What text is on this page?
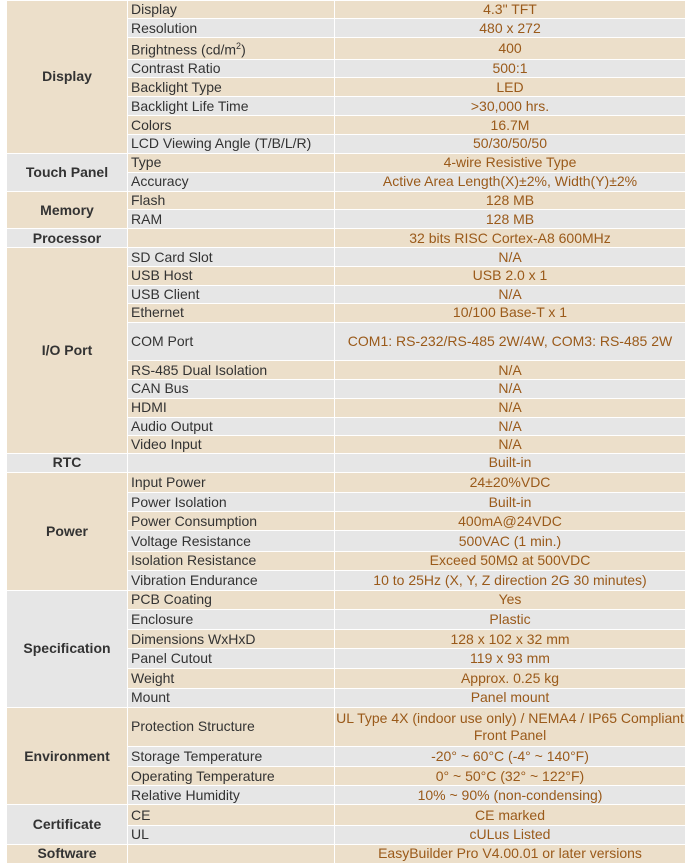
Display	Display	4.3" TFT
	Resolution	480 x 272
	Brightness $(cd/m^2)$	400
	Contrast Ratio	500:1
	Backlight Type	LED
	Backlight Life Time	>30,000 hrs.
	Colors	16.7M
	LCD Viewing Angle (T/B/L/R)	50/30/50/50
Touch Panel	Type	4-wire Resistive Type
	Accuracy	Active Area Length(X)±2%, Width(Y)±2%
Memory	Flash	128 MB
	RAM	128 MB
Processor		32 bits RISC Cortex-A8 600MHz
I/O Port	SD Card Slot	N/A
	USB Host	USB 2.0 x 1
	USB Client	N/A
	Ethernet	10/100 Base-T x 1
	COM Port	COM1: RS-232/RS-485 2W/4W, COM3: RS-485 2W
	RS-485 Dual Isolation	N/A
	CAN Bus	N/A
	HDMI	N/A
	Audio Output	N/A
	Video Input	N/A
RTC		Built-in
Power	Input Power	24±20%VDC
	Power Isolation	Built-in
	Power Consumption	400mA@24VDC
	Voltage Resistance	500VAC (1 min.)
	Isolation Resistance	Exceed 50MΩ at 500VDC
	Vibration Endurance	10 to 25Hz (X, Y, Z direction 2G 30 minutes)
Specification	PCB Coating	Yes
	Enclosure	Plastic
	Dimensions WxHxD	128 x 102 x 32 mm
	Panel Cutout	119 x 93 mm
	Weight	Approx. 0.25 kg
	Mount	Panel mount
Environment	Protection Structure	UL Type 4X (indoor use only) / NEMA4 / IP65 Compliant Front Panel
	Storage Temperature	-20° ~ 60°C (-4° ~ 140°F)
	Operating Temperature	0° ~ 50°C (32° ~ 122°F)
	Relative Humidity	10% ~ 90% (non-condensing)
Certificate	CE	CE marked
	UL	cULus Listed
Software		EasyBuilder Pro V4.00.01 or later versions
